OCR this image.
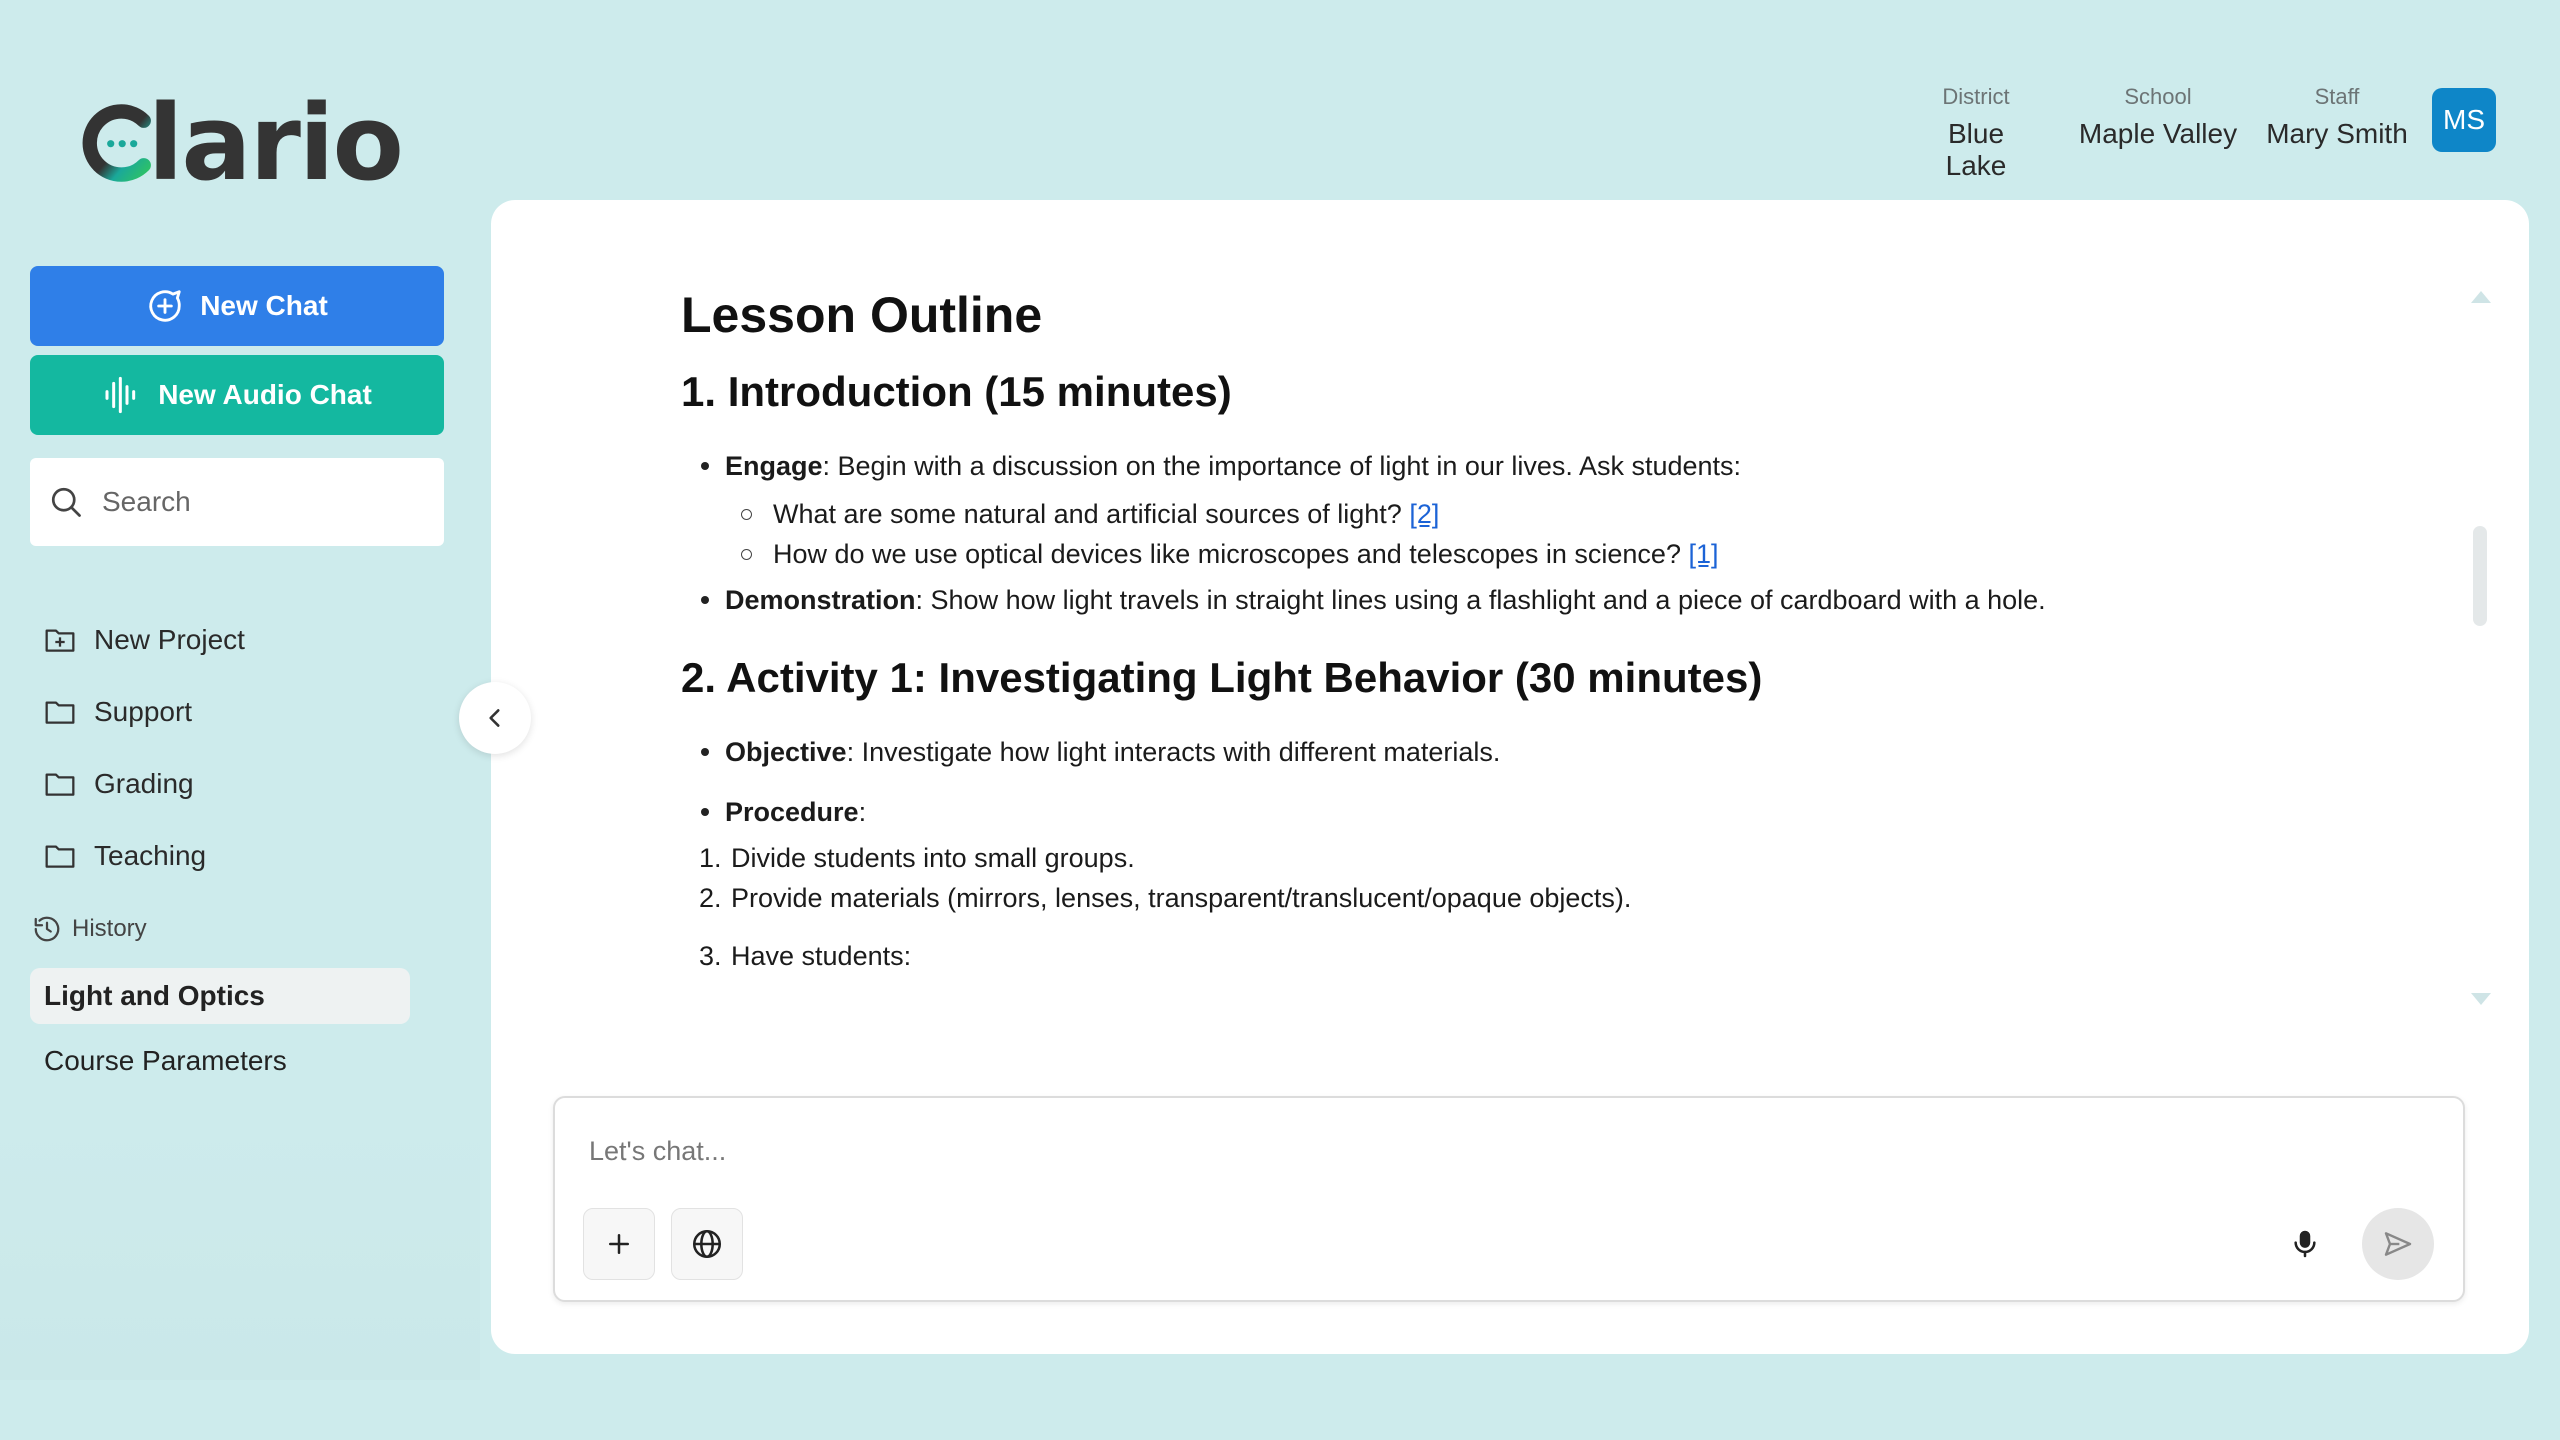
lario
New Chat
New Audio Chat
Search
New Project
Support
Grading
Teaching
History
Light and Optics
Course Parameters
District
Blue Lake
School
Maple Valley
Staff
Mary Smith	MS
Lesson Outline
1. Introduction (15 minutes)
Engage: Begin with a discussion on the importance of light in our lives. Ask students:
What are some natural and artificial sources of light? [2]
How do we use optical devices like microscopes and telescopes in science? [1]
Demonstration: Show how light travels in straight lines using a flashlight and a piece of cardboard with a hole.
2. Activity 1: Investigating Light Behavior (30 minutes)
Objective: Investigate how light interacts with different materials.
Procedure:
1. Divide students into small groups.
2. Provide materials (mirrors, lenses, transparent/translucent/opaque objects).
3. Have students:
Let's chat...
